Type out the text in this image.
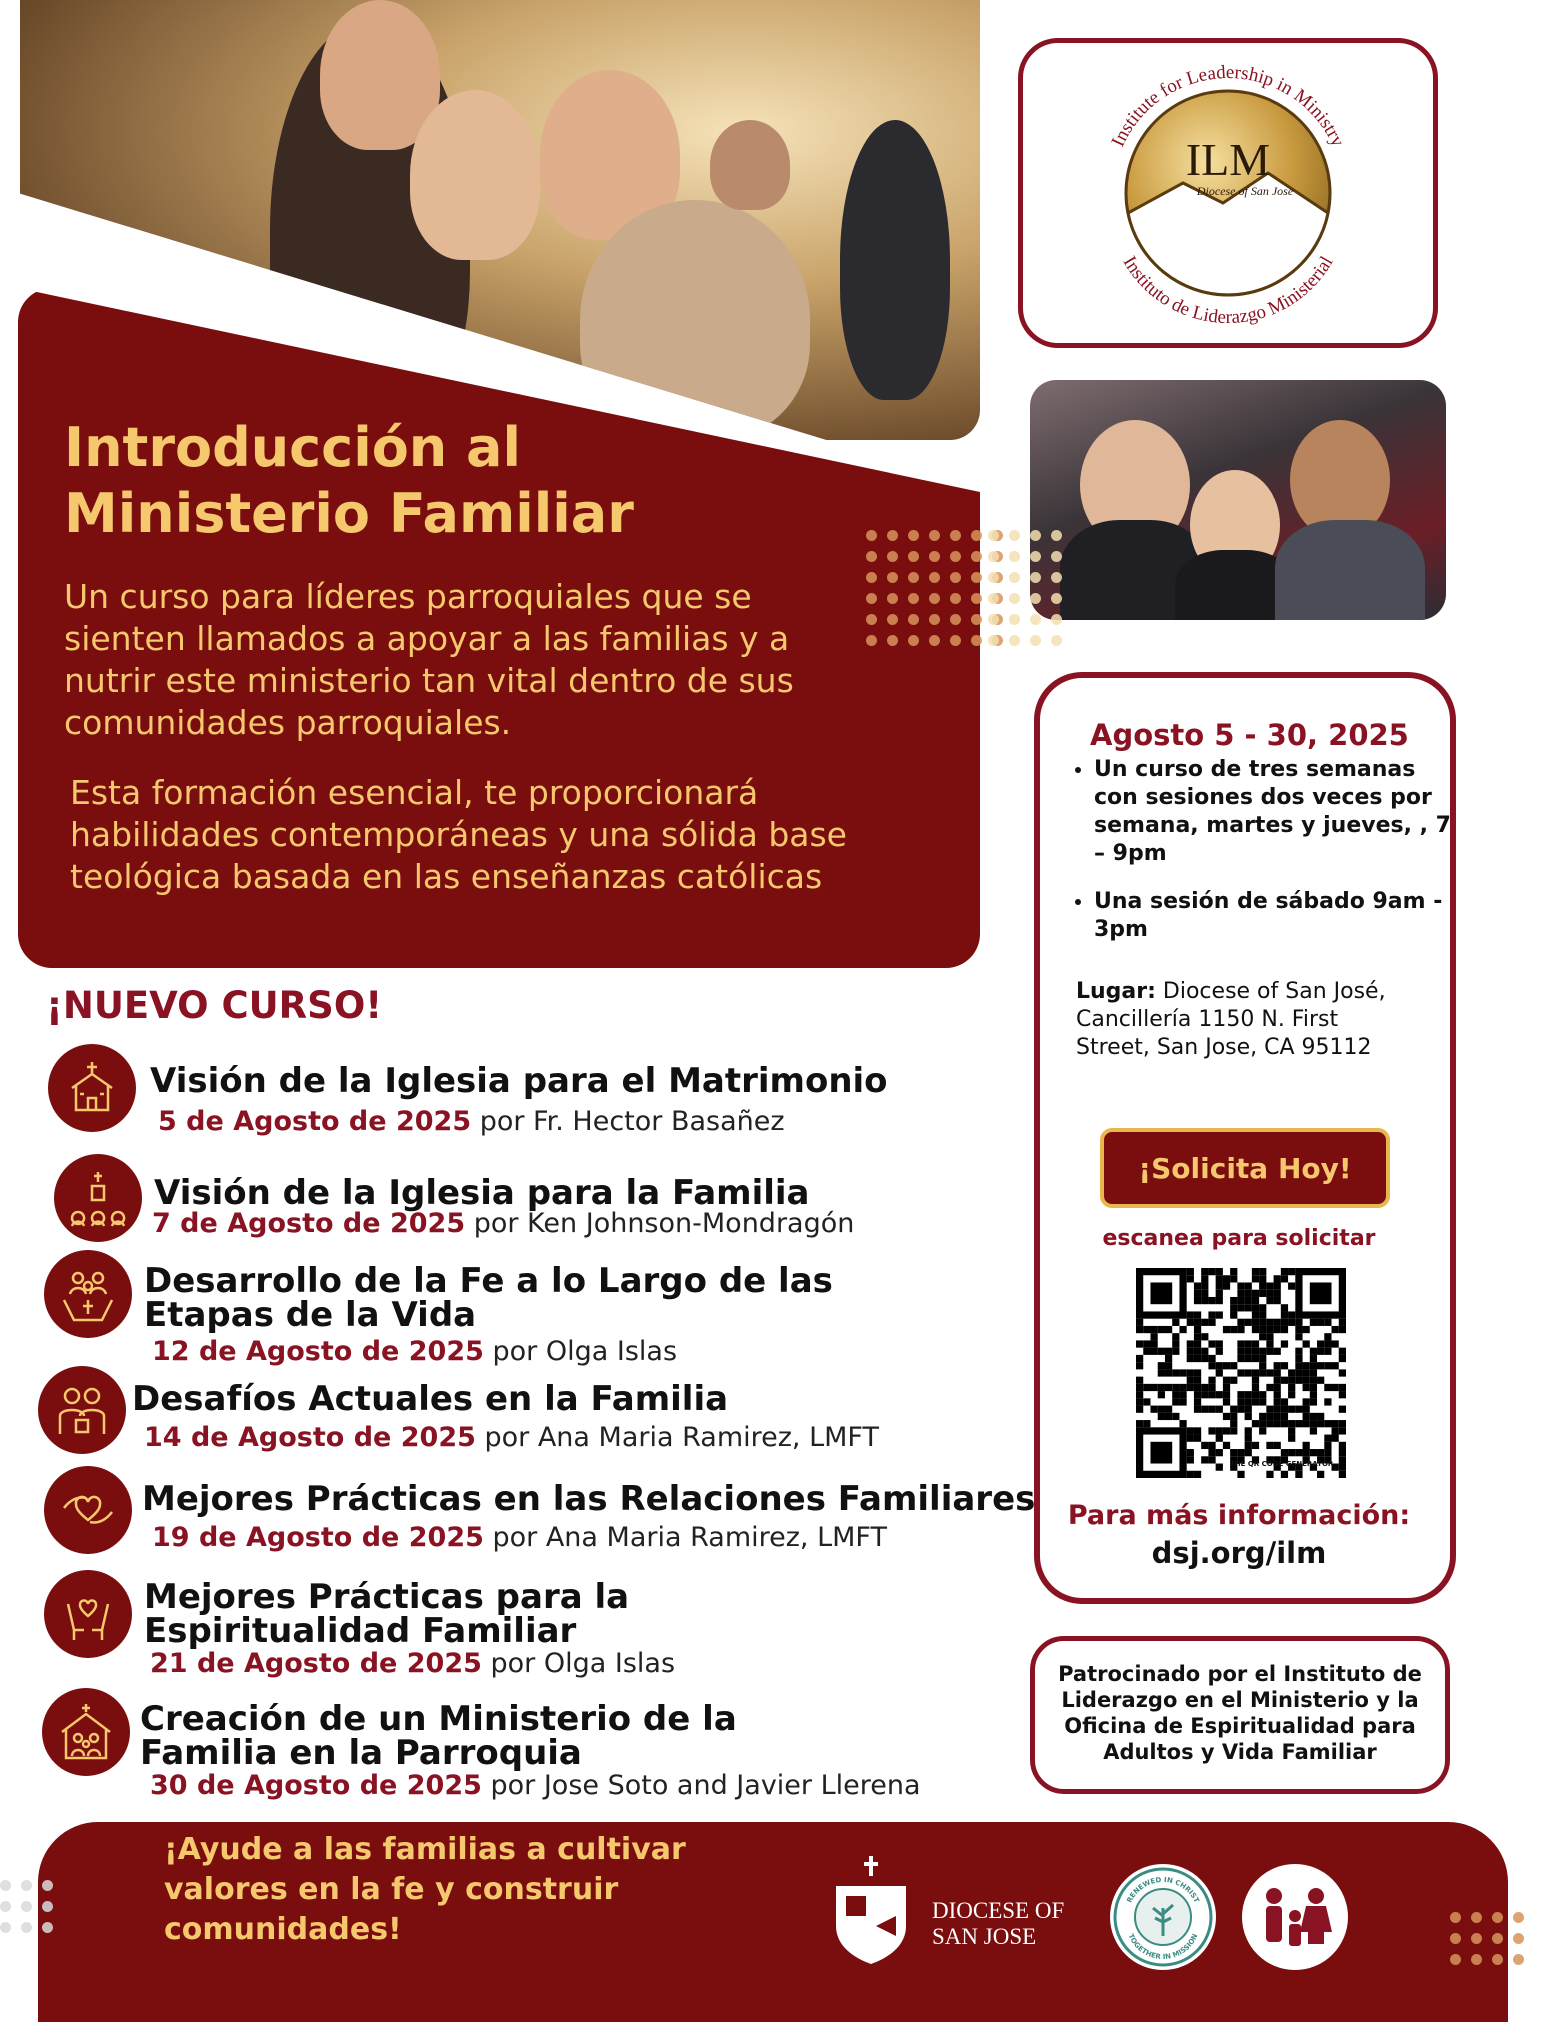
Introducción al
Ministerio Familiar
Un curso para líderes parroquiales que se sienten llamados a apoyar a las familias y a nutrir este ministerio tan vital dentro de sus comunidades parroquiales.
Esta formación esencial, te proporcionará habilidades contemporáneas y una sólida base teológica basada en las enseñanzas católicas
ILM
Diocese of San Jose
Institute for Leadership in Ministry
Instituto de Liderazgo Ministerial
Agosto 5 - 30, 2025
• Un curso de tres semanas con sesiones dos veces por semana, martes y jueves, , 7 – 9pm
• Una sesión de sábado 9am - 3pm
Lugar: Diocese of San José, Cancillería 1150 N. First Street, San Jose, CA 95112
¡Solicita Hoy!
escanea para solicitar
THE QR CODE GENERATOR
Para más información:
dsj.org/ilm
Patrocinado por el Instituto de Liderazgo en el Ministerio y la Oficina de Espiritualidad para Adultos y Vida Familiar
¡NUEVO CURSO!
Visión de la Iglesia para el Matrimonio
5 de Agosto de 2025 por Fr. Hector Basañez
Visión de la Iglesia para la Familia
7 de Agosto de 2025 por Ken Johnson-Mondragón
Desarrollo de la Fe a lo Largo de las Etapas de la Vida
12 de Agosto de 2025 por Olga Islas
Desafíos Actuales en la Familia
14 de Agosto de 2025 por Ana Maria Ramirez, LMFT
Mejores Prácticas en las Relaciones Familiares
19 de Agosto de 2025 por Ana Maria Ramirez, LMFT
Mejores Prácticas para la Espiritualidad Familiar
21 de Agosto de 2025 por Olga Islas
Creación de un Ministerio de la Familia en la Parroquia
30 de Agosto de 2025 por Jose Soto and Javier Llerena
¡Ayude a las familias a cultivar valores en la fe y construir comunidades!
DIOCESE OF
SAN JOSE
RENEWED IN CHRIST
TOGETHER IN MISSION
